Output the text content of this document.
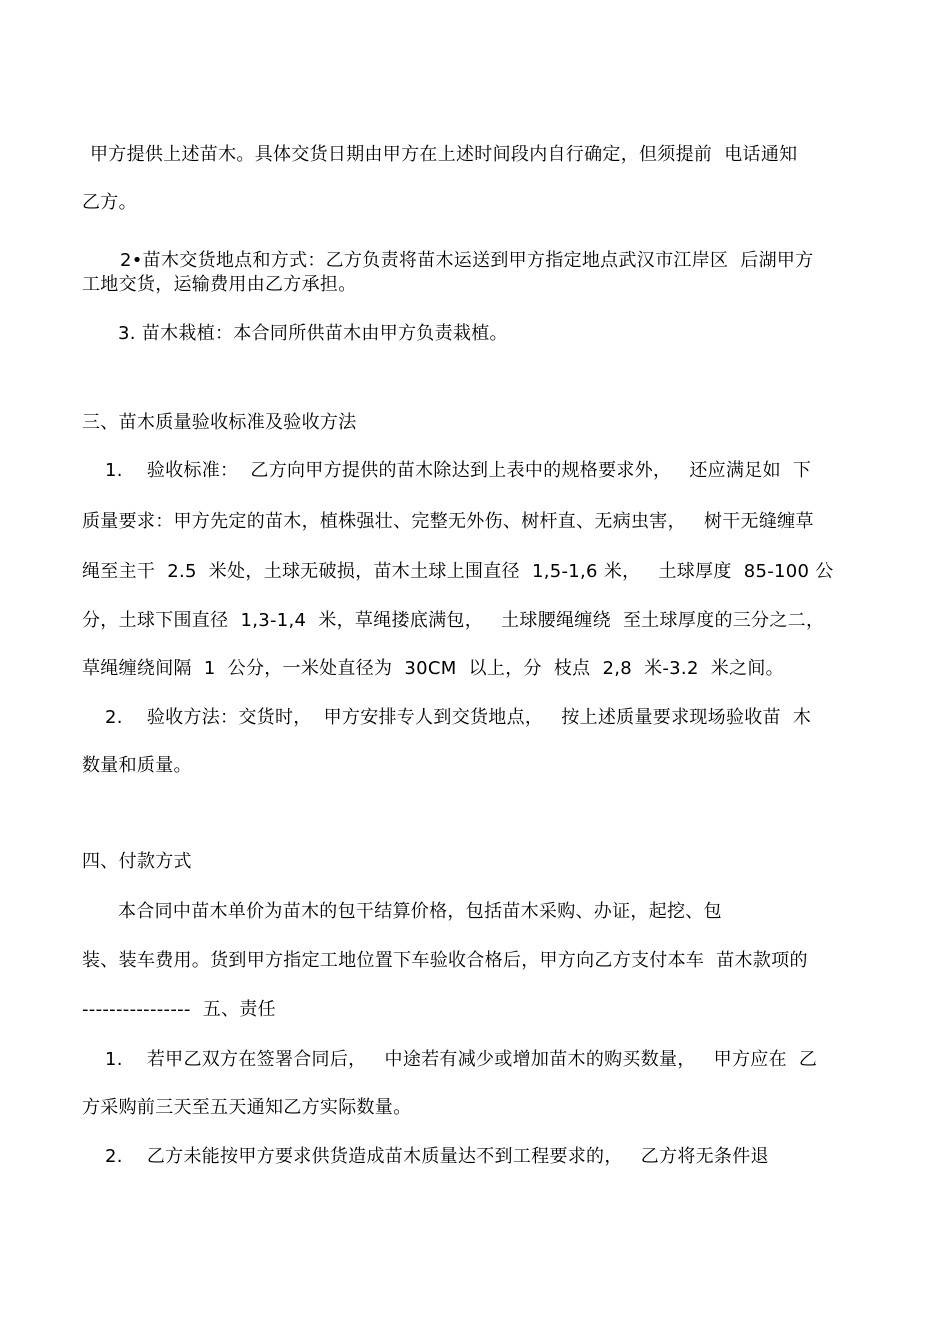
甲方提供上述苗木。具体交货日期由甲方在上述时间段内自行确定，但须提前  电话通知
乙方。
2•苗木交货地点和方式：乙方负责将苗木运送到甲方指定地点武汉市江岸区  后湖甲方
工地交货，运输费用由乙方承担。
3. 苗木栽植：本合同所供苗木由甲方负责栽植。
三、苗木质量验收标准及验收方法
1.    验收标准：  乙方向甲方提供的苗木除达到上表中的规格要求外，   还应满足如  下
质量要求：甲方先定的苗木，植株强壮、完整无外伤、树杆直、无病虫害，   树干无缝缠草
绳至主干  2.5  米处，土球无破损，苗木土球上围直径  1,5-1,6 米，   土球厚度  85-100 公
分，土球下围直径  1,3-1,4  米，草绳搂底满包，   土球腰绳缠绕  至土球厚度的三分之二，
草绳缠绕间隔  1  公分，一米处直径为  30CM  以上，分  枝点  2,8  米-3.2  米之间。
2.    验收方法：交货时，  甲方安排专人到交货地点，   按上述质量要求现场验收苗  木
数量和质量。
四、付款方式
本合同中苗木单价为苗木的包干结算价格，包括苗木采购、办证，起挖、包
装、装车费用。货到甲方指定工地位置下车验收合格后，甲方向乙方支付本车  苗木款项的
----------------  五、责任
1.    若甲乙双方在签署合同后，   中途若有减少或增加苗木的购买数量，   甲方应在  乙
方采购前三天至五天通知乙方实际数量。
2.    乙方未能按甲方要求供货造成苗木质量达不到工程要求的，   乙方将无条件退
